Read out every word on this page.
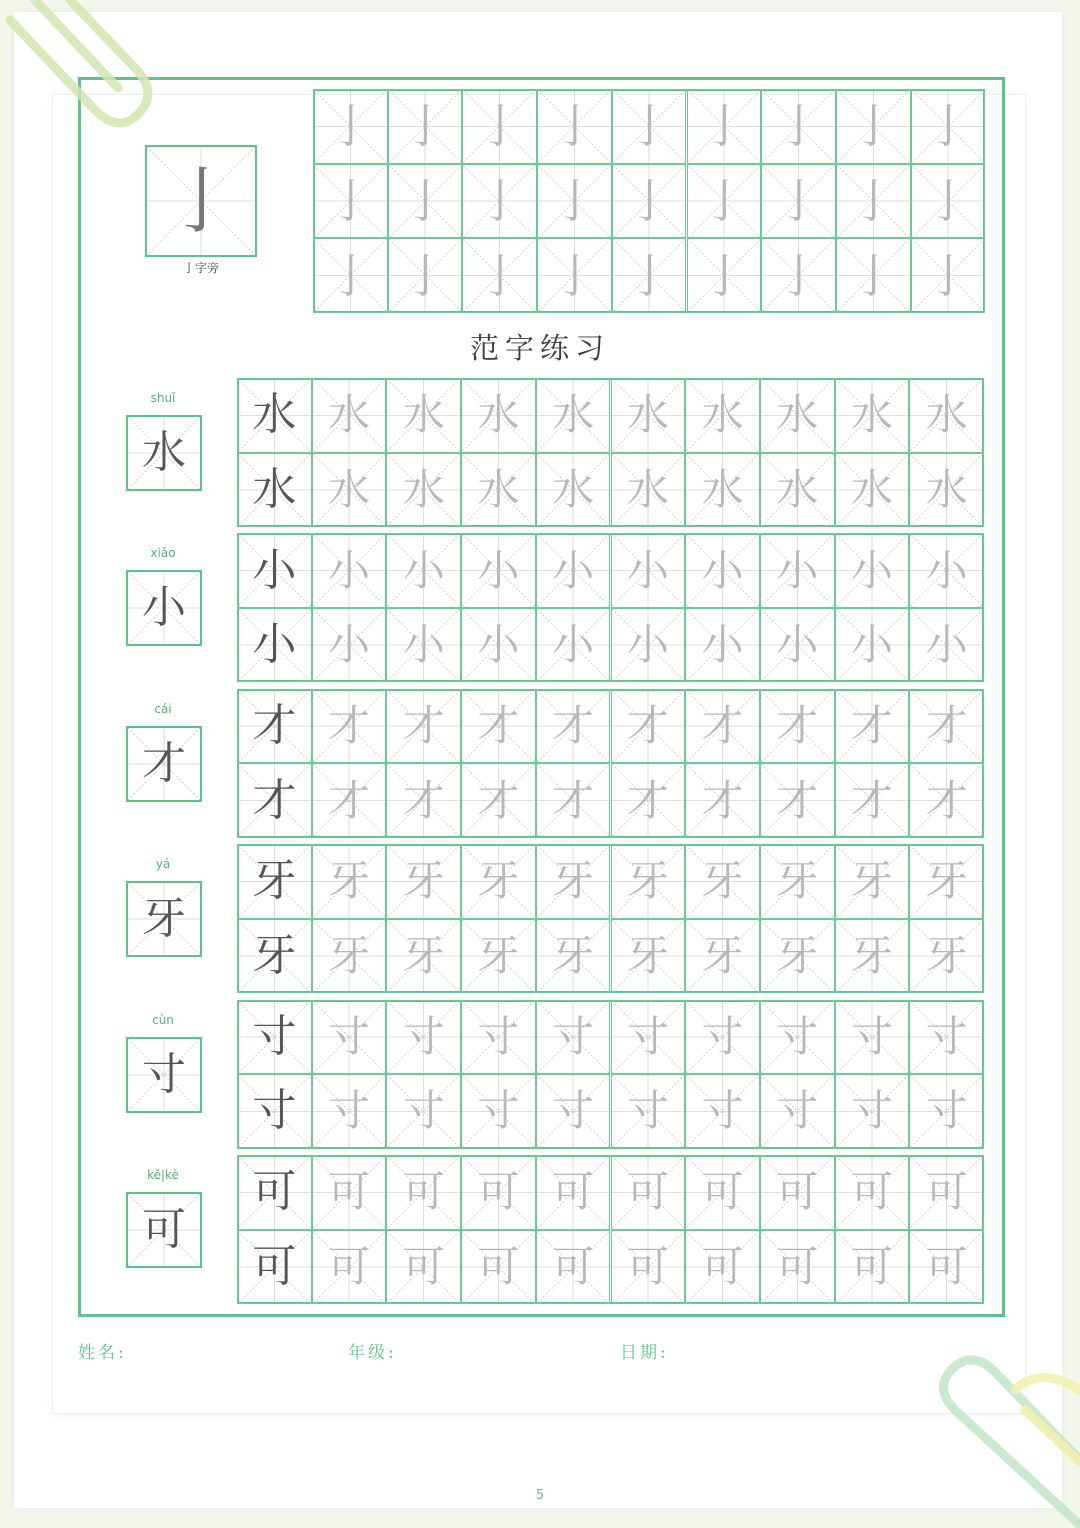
亅
亅字旁
亅 亅 亅 亅 亅 亅 亅 亅 亅
亅 亅 亅 亅 亅 亅 亅 亅 亅
亅 亅 亅 亅 亅 亅 亅 亅 亅
范字练习
shuǐ
水
水 水 水 水 水 水 水 水 水 水
水 水 水 水 水 水 水 水 水 水
xiǎo
小
小 小 小 小 小 小 小 小 小 小
小 小 小 小 小 小 小 小 小 小
cái
才
才 才 才 才 才 才 才 才 才 才
才 才 才 才 才 才 才 才 才 才
yá
牙
牙 牙 牙 牙 牙 牙 牙 牙 牙 牙
牙 牙 牙 牙 牙 牙 牙 牙 牙 牙
cùn
寸
寸 寸 寸 寸 寸 寸 寸 寸 寸 寸
寸 寸 寸 寸 寸 寸 寸 寸 寸 寸
kě|kè
可
可 可 可 可 可 可 可 可 可 可
可 可 可 可 可 可 可 可 可 可
姓名:	年级:	日期:
5
